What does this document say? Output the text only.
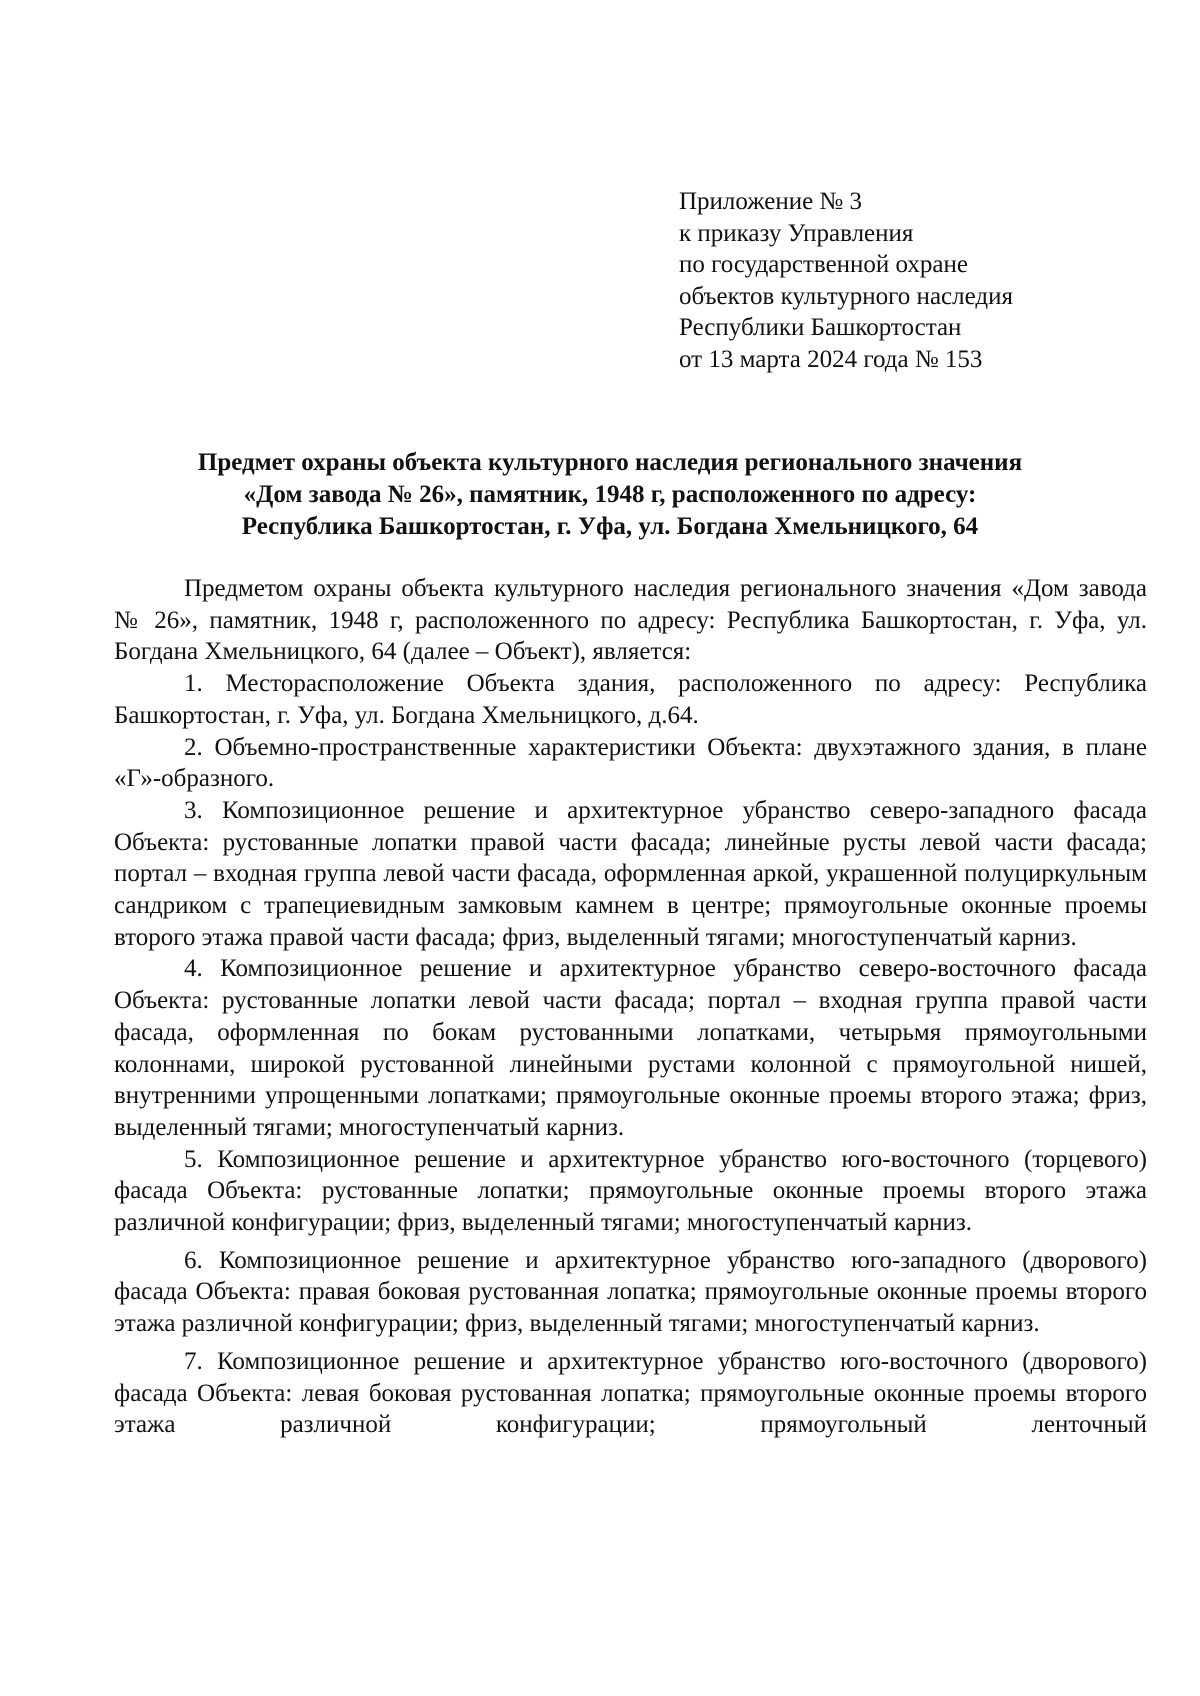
Приложение № 3
к приказу Управления
по государственной охране
объектов культурного наследия
Республики Башкортостан
от 13 марта 2024 года № 153
Предмет охраны объекта культурного наследия регионального значения
«Дом завода № 26», памятник, 1948 г, расположенного по адресу:
Республика Башкортостан, г. Уфа, ул. Богдана Хмельницкого, 64

Предметом охраны объекта культурного наследия регионального значения «Дом завода № 26», памятник, 1948 г, расположенного по адресу: Республика Башкортостан, г. Уфа, ул. Богдана Хмельницкого, 64 (далее – Объект), является:

1. Месторасположение Объекта здания, расположенного по адресу: Республика Башкортостан, г. Уфа, ул. Богдана Хмельницкого, д.64.

2. Объемно-пространственные характеристики Объекта: двухэтажного здания, в плане «Г»-образного.

3. Композиционное решение и архитектурное убранство северо-западного фасада Объекта: рустованные лопатки правой части фасада; линейные русты левой части фасада; портал – входная группа левой части фасада, оформленная аркой, украшенной полуциркульным сандриком с трапециевидным замковым камнем в центре; прямоугольные оконные проемы второго этажа правой части фасада; фриз, выделенный тягами; многоступенчатый карниз.

4. Композиционное решение и архитектурное убранство северо-восточного фасада Объекта: рустованные лопатки левой части фасада; портал – входная группа правой части фасада, оформленная по бокам рустованными лопатками, четырьмя прямоугольными колоннами, широкой рустованной линейными рустами колонной с прямоугольной нишей, внутренними упрощенными лопатками; прямоугольные оконные проемы второго этажа; фриз, выделенный тягами; многоступенчатый карниз.

5. Композиционное решение и архитектурное убранство юго-восточного (торцевого) фасада Объекта: рустованные лопатки; прямоугольные оконные проемы второго этажа различной конфигурации; фриз, выделенный тягами; многоступенчатый карниз.

6. Композиционное решение и архитектурное убранство юго-западного (дворового) фасада Объекта: правая боковая рустованная лопатка; прямоугольные оконные проемы второго этажа различной конфигурации; фриз, выделенный тягами; многоступенчатый карниз.

7. Композиционное решение и архитектурное убранство юго-восточного (дворового) фасада Объекта: левая боковая рустованная лопатка; прямоугольные оконные проемы второго этажа различной конфигурации; прямоугольный ленточный
